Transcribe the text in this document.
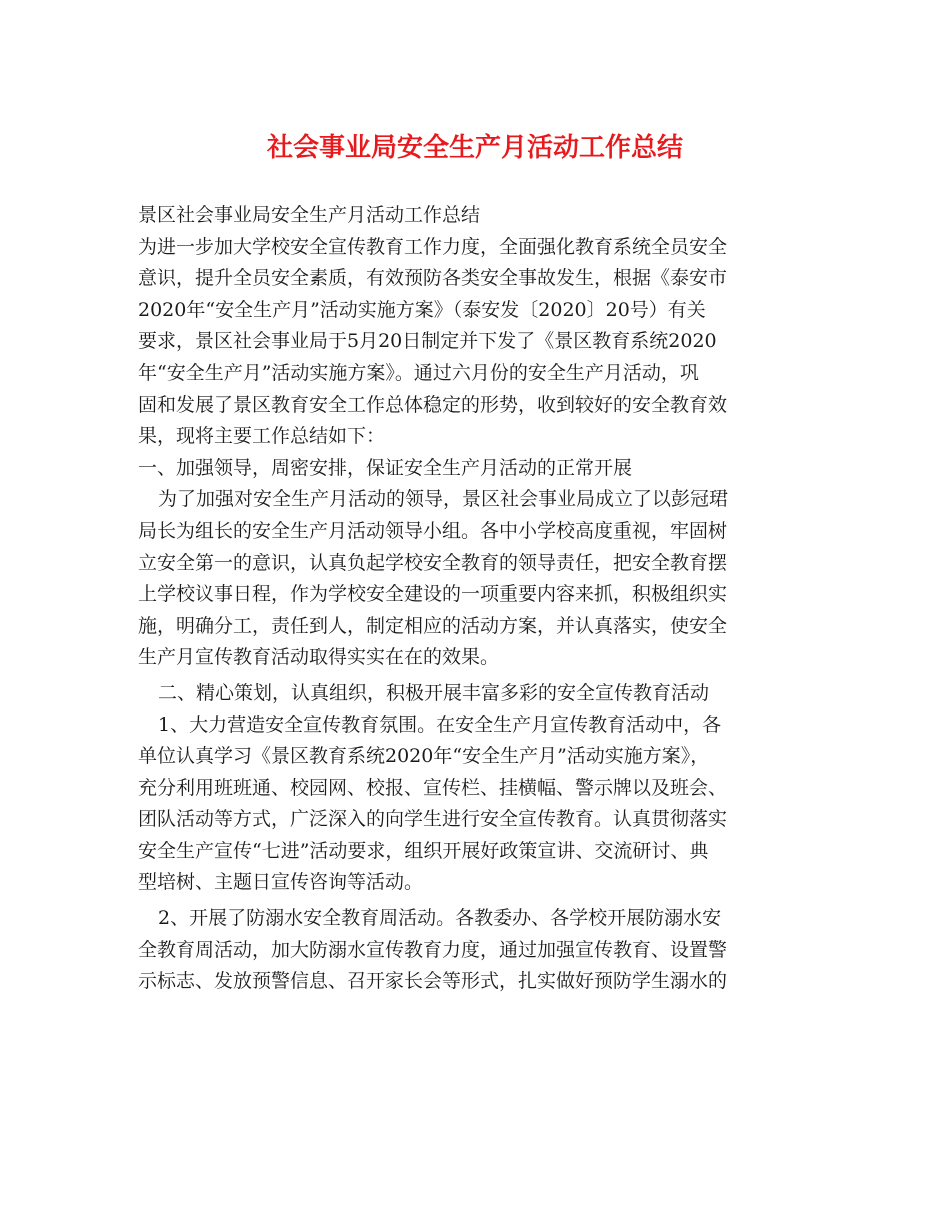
社会事业局安全生产月活动工作总结
景区社会事业局安全生产月活动工作总结
为进一步加大学校安全宣传教育工作力度，全面强化教育系统全员安全
意识，提升全员安全素质，有效预防各类安全事故发生，根据《泰安市
2020年“安全生产月”活动实施方案》（泰安发〔2020〕20号）有关
要求，景区社会事业局于5月20日制定并下发了《景区教育系统2020
年“安全生产月”活动实施方案》。通过六月份的安全生产月活动，巩
固和发展了景区教育安全工作总体稳定的形势，收到较好的安全教育效
果，现将主要工作总结如下：
一、加强领导，周密安排，保证安全生产月活动的正常开展
为了加强对安全生产月活动的领导，景区社会事业局成立了以彭冠珺
局长为组长的安全生产月活动领导小组。各中小学校高度重视，牢固树
立安全第一的意识，认真负起学校安全教育的领导责任，把安全教育摆
上学校议事日程，作为学校安全建设的一项重要内容来抓，积极组织实
施，明确分工，责任到人，制定相应的活动方案，并认真落实，使安全
生产月宣传教育活动取得实实在在的效果。
二、精心策划，认真组织，积极开展丰富多彩的安全宣传教育活动
1、大力营造安全宣传教育氛围。在安全生产月宣传教育活动中，各
单位认真学习《景区教育系统2020年“安全生产月”活动实施方案》，
充分利用班班通、校园网、校报、宣传栏、挂横幅、警示牌以及班会、
团队活动等方式，广泛深入的向学生进行安全宣传教育。认真贯彻落实
安全生产宣传“七进”活动要求，组织开展好政策宣讲、交流研讨、典
型培树、主题日宣传咨询等活动。
2、开展了防溺水安全教育周活动。各教委办、各学校开展防溺水安
全教育周活动，加大防溺水宣传教育力度，通过加强宣传教育、设置警
示标志、发放预警信息、召开家长会等形式，扎实做好预防学生溺水的
